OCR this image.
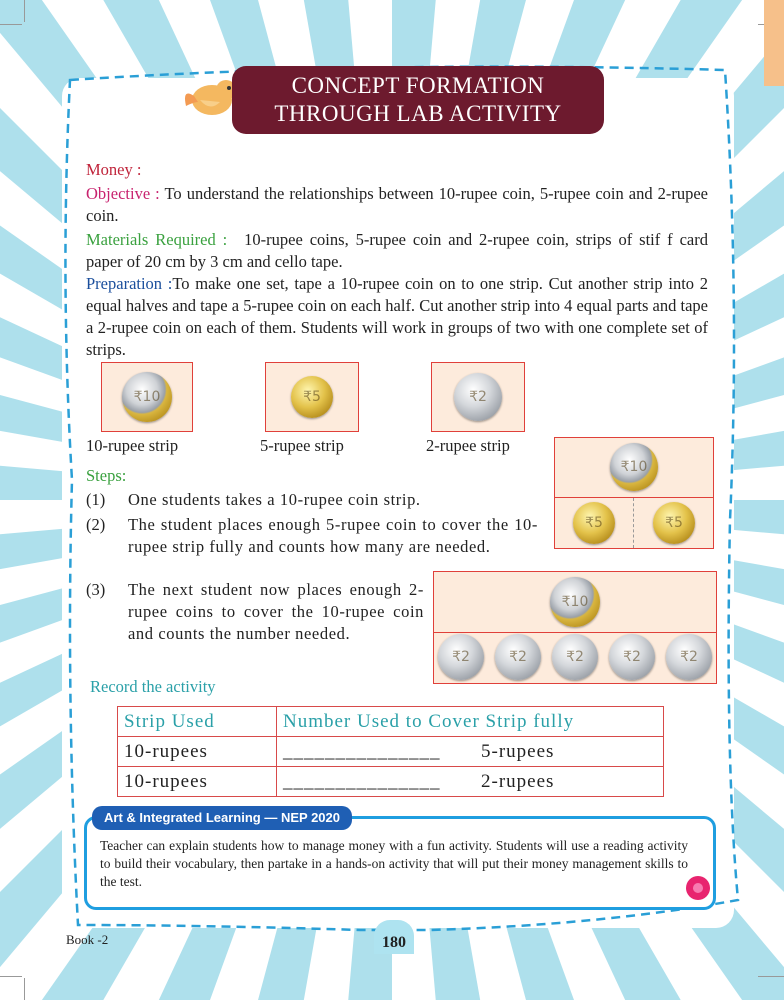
CONCEPT FORMATION
THROUGH LAB ACTIVITY
Money :
Objective : To understand the relationships between 10-rupee coin, 5-rupee coin and 2-rupee coin.
Materials Required : 10-rupee coins, 5-rupee coin and 2-rupee coin, strips of stif f card paper of 20 cm by 3 cm and cello tape.
Preparation :To make one set, tape a 10-rupee coin on to one strip. Cut another strip into 2 equal halves and tape a 5-rupee coin on each half. Cut another strip into 4 equal parts and tape a 2-rupee coin on each of them. Students will work in groups of two with one complete set of strips.
₹10	₹5	₹2
10-rupee strip	5-rupee strip	2-rupee strip
₹10
₹5	₹5
Steps:
(1) One students takes a 10-rupee coin strip.
(2) The student places enough 5-rupee coin to cover the 10-rupee strip fully and counts how many are needed.
(3) The next student now places enough 2-rupee coins to cover the 10-rupee coin and counts the number needed.
₹10
₹2	₹2	₹2	₹2	₹2
Record the activity
Strip Used	Number Used to Cover Strip fully	
10-rupees	_______________	5-rupees
10-rupees	_______________	2-rupees
Art & Integrated Learning — NEP 2020
Teacher can explain students how to manage money with a fun activity. Students will use a reading activity to build their vocabulary, then partake in a hands-on activity that will put their money management skills to the test.
180
Book -2
